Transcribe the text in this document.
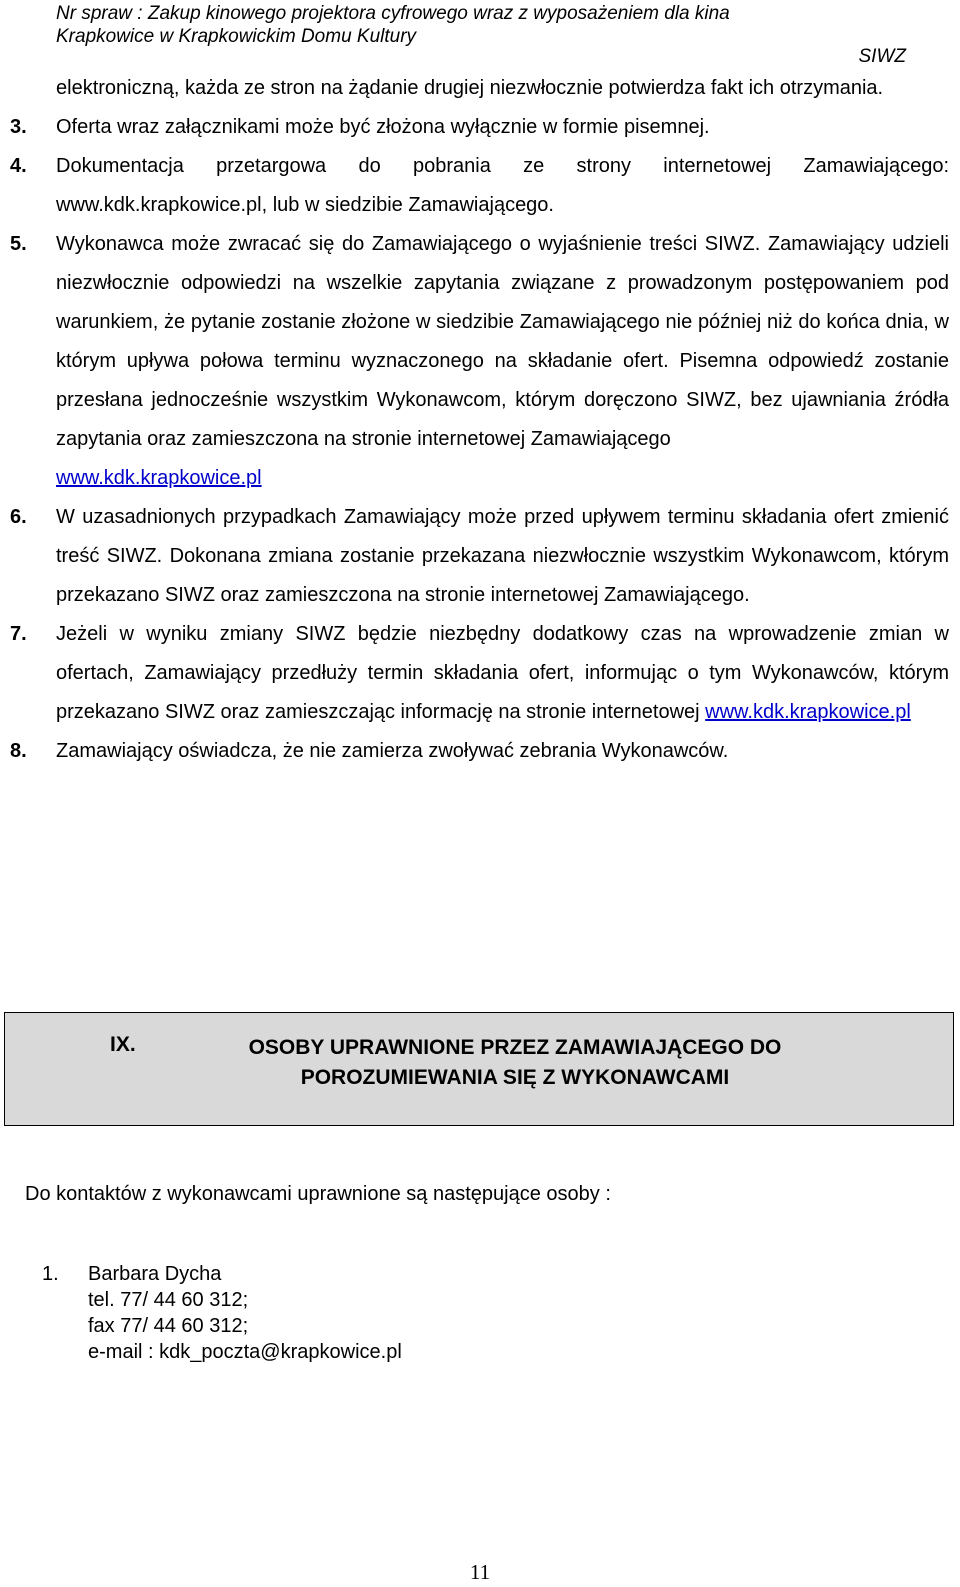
Nr spraw : Zakup kinowego projektora cyfrowego wraz z wyposażeniem dla kina
Krapkowice w Krapkowickim Domu Kultury
SIWZ

elektroniczną, każda ze stron na żądanie drugiej niezwłocznie potwierdza fakt ich otrzymania.

3. Oferta wraz załącznikami może być złożona wyłącznie w formie pisemnej.

4. Dokumentacja przetargowa do pobrania ze strony internetowej Zamawiającego: www.kdk.krapkowice.pl, lub w siedzibie Zamawiającego.

5. Wykonawca może zwracać się do Zamawiającego o wyjaśnienie treści SIWZ. Zamawiający udzieli niezwłocznie odpowiedzi na wszelkie zapytania związane z prowadzonym postępowaniem pod warunkiem, że pytanie zostanie złożone w siedzibie Zamawiającego nie później niż do końca dnia, w którym upływa połowa terminu wyznaczonego na składanie ofert. Pisemna odpowiedź zostanie przesłana jednocześnie wszystkim Wykonawcom, którym doręczono SIWZ, bez ujawniania źródła zapytania oraz zamieszczona na stronie internetowej Zamawiającego
www.kdk.krapkowice.pl

6. W uzasadnionych przypadkach Zamawiający może przed upływem terminu składania ofert zmienić treść SIWZ. Dokonana zmiana zostanie przekazana niezwłocznie wszystkim Wykonawcom, którym przekazano SIWZ oraz zamieszczona na stronie internetowej Zamawiającego.

7. Jeżeli w wyniku zmiany SIWZ będzie niezbędny dodatkowy czas na wprowadzenie zmian w ofertach, Zamawiający przedłuży termin składania ofert, informując o tym Wykonawców, którym przekazano SIWZ oraz zamieszczając informację na stronie internetowej www.kdk.krapkowice.pl

8. Zamawiający oświadcza, że nie zamierza zwoływać zebrania Wykonawców.

IX.	OSOBY UPRAWNIONE PRZEZ ZAMAWIAJĄCEGO DO
POROZUMIEWANIA SIĘ Z WYKONAWCAMI
Do kontaktów z wykonawcami uprawnione są następujące osoby :
1. Barbara Dycha
tel. 77/ 44 60 312;
fax 77/ 44 60 312;
e-mail : kdk_poczta@krapkowice.pl
11
